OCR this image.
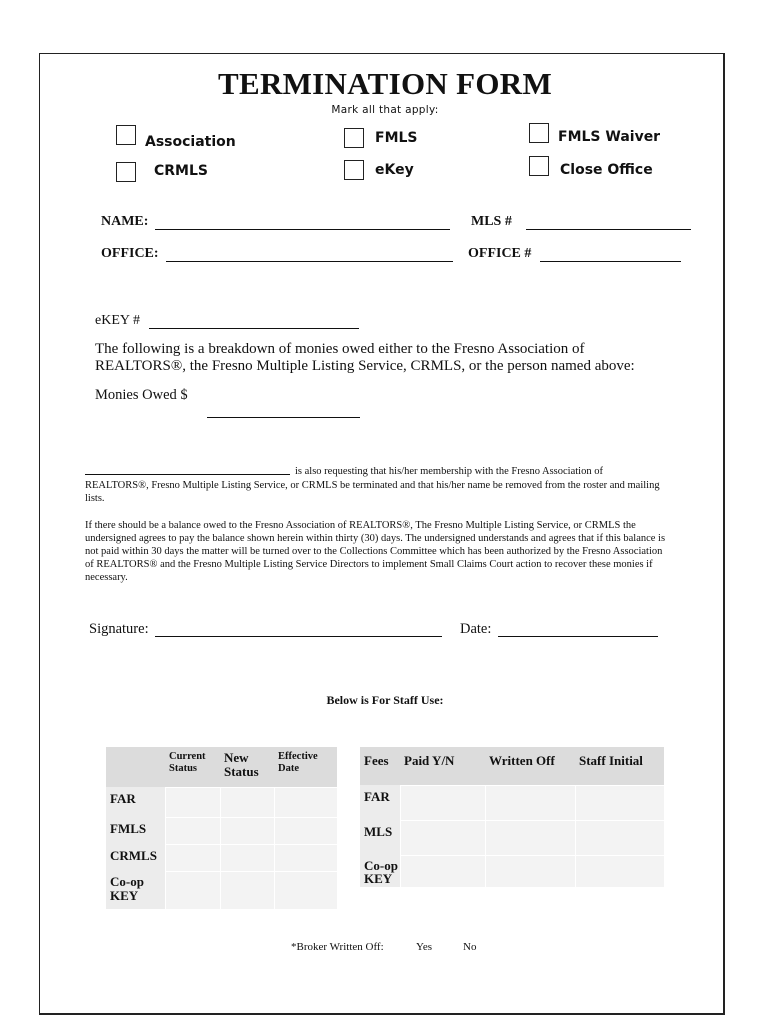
TERMINATION FORM
Mark all that apply:
Association	FMLS	FMLS Waiver
CRMLS	eKey	Close Office
NAME:	MLS #
OFFICE:	OFFICE #
eKEY #
The following is a breakdown of monies owed either to the Fresno Association of REALTORS®, the Fresno Multiple Listing Service, CRMLS, or the person named above:
Monies Owed $
is also requesting that his/her membership with the Fresno Association of
REALTORS®, Fresno Multiple Listing Service, or CRMLS be terminated and that his/her name be removed from the roster and mailing lists.
If there should be a balance owed to the Fresno Association of REALTORS®, The Fresno Multiple Listing Service, or CRMLS the undersigned agrees to pay the balance shown herein within thirty (30) days. The undersigned understands and agrees that if this balance is not paid within 30 days the matter will be turned over to the Collections Committee which has been authorized by the Fresno Association of REALTORS® and the Fresno Multiple Listing Service Directors to implement Small Claims Court action to recover these monies if necessary.
Signature:	Date:
Below is For Staff Use:
	Current Status	New Status	Effective Date
FAR			
FMLS			
CRMLS			
Co-op KEY			
Fees	Paid Y/N	Written Off	Staff Initial
FAR			
MLS			
Co-op KEY			
*Broker Written Off:	Yes	No
